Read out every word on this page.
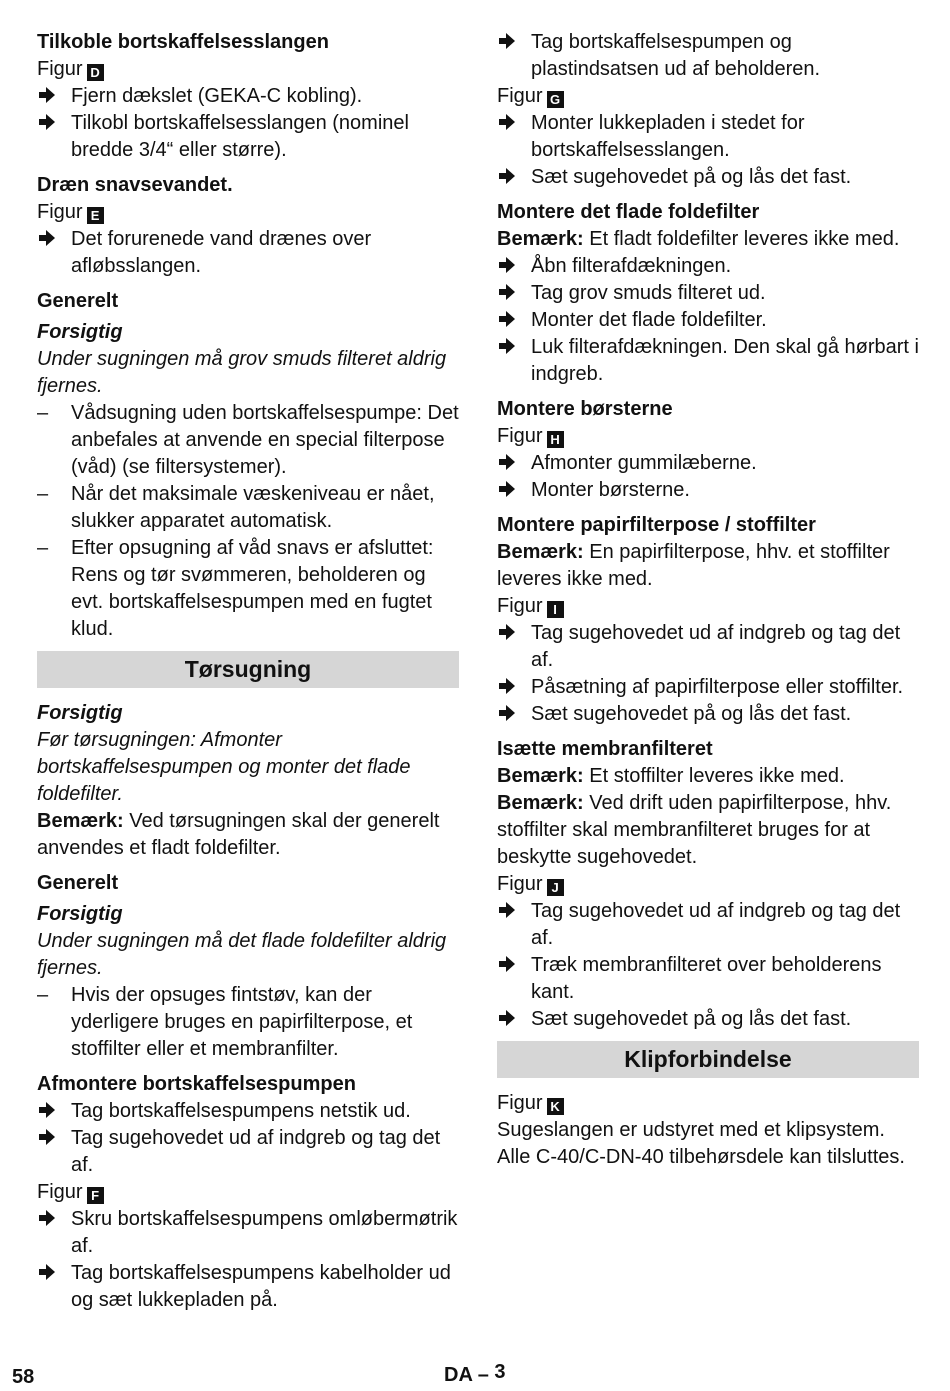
Tilkoble bortskaffelsesslangen
Figur D
Fjern dækslet (GEKA-C kobling).
Tilkobl bortskaffelsesslangen (nominel bredde 3/4“ eller større).
Dræn snavsevandet.
Figur E
Det forurenede vand drænes over afløbsslangen.
Generelt
Forsigtig
Under sugningen må grov smuds filteret aldrig fjernes.
–	Vådsugning uden bortskaffelsespumpe: Det anbefales at anvende en special filterpose (våd) (se filtersystemer).
–	Når det maksimale væskeniveau er nået, slukker apparatet automatisk.
–	Efter opsugning af våd snavs er afsluttet: Rens og tør svømmeren, beholderen og evt. bortskaffelsespumpen med en fugtet klud.
Tørsugning
Forsigtig
Før tørsugningen: Afmonter bortskaffelsespumpen og monter det flade foldefilter.
Bemærk: Ved tørsugningen skal der generelt anvendes et fladt foldefilter.
Generelt
Forsigtig
Under sugningen må det flade foldefilter aldrig fjernes.
–	Hvis der opsuges fintstøv, kan der yderligere bruges en papirfilterpose, et stoffilter eller et membranfilter.
Afmontere bortskaffelsespumpen
Tag bortskaffelsespumpens netstik ud.
Tag sugehovedet ud af indgreb og tag det af.
Figur F
Skru bortskaffelsespumpens omløbermøtrik af.
Tag bortskaffelsespumpens kabelholder ud og sæt lukkepladen på.
Tag bortskaffelsespumpen og plastindsatsen ud af beholderen.
Figur G
Monter lukkepladen i stedet for bortskaffelsesslangen.
Sæt sugehovedet på og lås det fast.
Montere det flade foldefilter
Bemærk: Et fladt foldefilter leveres ikke med.
Åbn filterafdækningen.
Tag grov smuds filteret ud.
Monter det flade foldefilter.
Luk filterafdækningen. Den skal gå hørbart i indgreb.
Montere børsterne
Figur H
Afmonter gummilæberne.
Monter børsterne.
Montere papirfilterpose / stoffilter
Bemærk: En papirfilterpose, hhv. et stoffilter leveres ikke med.
Figur I
Tag sugehovedet ud af indgreb og tag det af.
Påsætning af papirfilterpose eller stoffilter.
Sæt sugehovedet på og lås det fast.
Isætte membranfilteret
Bemærk: Et stoffilter leveres ikke med.
Bemærk: Ved drift uden papirfilterpose, hhv. stoffilter skal membranfilteret bruges for at beskytte sugehovedet.
Figur J
Tag sugehovedet ud af indgreb og tag det af.
Træk membranfilteret over beholderens kant.
Sæt sugehovedet på og lås det fast.
Klipforbindelse
Figur K
Sugeslangen er udstyret med et klipsystem. Alle C-40/C-DN-40 tilbehørsdele kan tilsluttes.
58	DA – 3
